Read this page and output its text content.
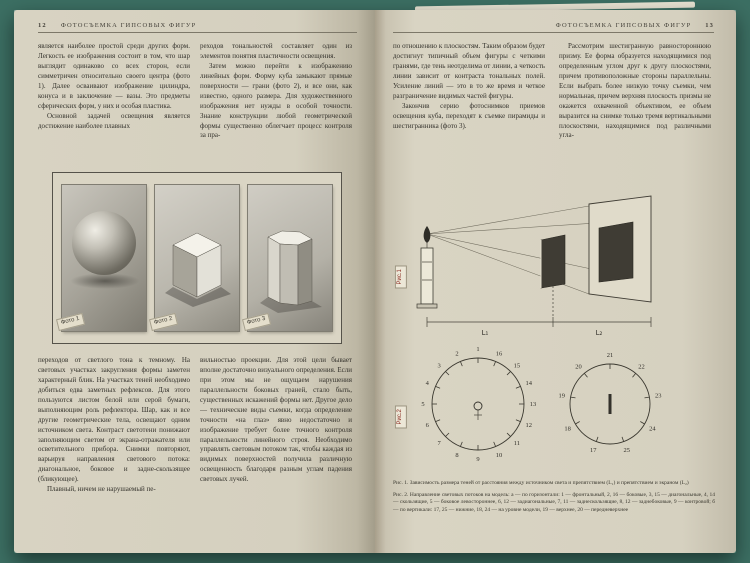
12 ФОТОСЪЕМКА ГИПСОВЫХ ФИГУР

является наиболее простой среди других форм. Легкость ее изображения состоит в том, что шар выглядит одинаково со всех сторон, если симметричен относительно своего центра (фото 1). Далее осваивают изображение цилиндра, конуса и в заключение — вазы. Это предметы сферических форм, у них и особая пластика.

Основной задачей освещения является достижение наиболее плавных

реходов тональностей составляет один из элементов понятия пластичности освещения.

Затем можно перейти к изображению линейных форм. Форму куба замыкают прямые поверхности — грани (фото 2), и все они, как известно, одного размера. Для художественного изображения нет нужды в особой точности. Знание конструкции любой геометрической формы существенно облегчает процесс контроля за пра-

Фото 1	Фото 2	Фото 3

переходов от светлого тона к темному. На световых участках закругления формы заметен характерный блик. На участках теней необходимо добиться едва заметных рефлексов. Для этого пользуются листом белой или серой бумаги, выполняющим роль рефлектора. Шар, как и все другие геометрические тела, освещают одним источником света. Контраст светотени понижают заполняющим светом от экрана-отражателя или осветительного прибора. Снимки повторяют, варьируя направления светового потока: диагональное, боковое и задне-скользящее (бликующее).

Плавный, ничем не нарушаемый пе-

вильностью проекции. Для этой цели бывает вполне достаточно визуального определения. Если при этом мы не ощущаем нарушения параллельности боковых граней, стало быть, существенных искажений формы нет. Другое дело — технические виды съемки, когда определение точности «на глаз» явно недостаточно и изображение требует более точного контроля параллельности линейного строя. Необходимо управлять световым потоком так, чтобы каждая из видимых поверхностей получила различную освещенность благодаря разным углам падения световых лучей.

ФОТОСЪЕМКА ГИПСОВЫХ ФИГУР 13

по отношению к плоскостям. Таким образом будет достигнут типичный объем фигуры с четкими гранями, где тень неотделима от линии, а четкость линии зависит от контраста тональных полей. Усиление линий — это в то же время и четкое разграничение видимых частей фигуры.

Закончив серию фотоснимков приемов освещения куба, переходят к съемке пирамиды и шестигранника (фото 3).

Рассмотрим шестигранную равностороннюю призму. Ее форма образуется находящимися под определенным углом друг к другу плоскостями, причем противоположные стороны параллельны. Если выбрать более низкую точку съемки, чем нормальная, причем верхняя плоскость призмы не окажется охваченной объективом, ее объем выразится на снимке только тремя вертикальными плоскостями, находящимися под различными угла-

Рис.1
L₁	L₂
Рис.2
1
2
3
4
5
6
7
8
9
10
11
12
13
14
15
16
17
18
19
20
21
22
23
24
25

Рис. 1. Зависимость размера теней от расстояния между источником света и препятствием (L₁) и препятствием и экраном (L₂)

Рис. 2. Направление световых потоков на модель: а — по горизонтали: 1 — фронтальный, 2, 16 — боковые, 3, 15 — диагональные, 4, 14 — скользящие, 5 — боковое левостороннее, 6, 12 — задиагональные, 7, 11 — заднескользящие, 8, 12 — заднебоковые, 9 — контровой; б — по вертикали: 17, 25 — нижние, 18, 24 — на уровне модели, 19 — верхнее, 20 — передневерхнее
